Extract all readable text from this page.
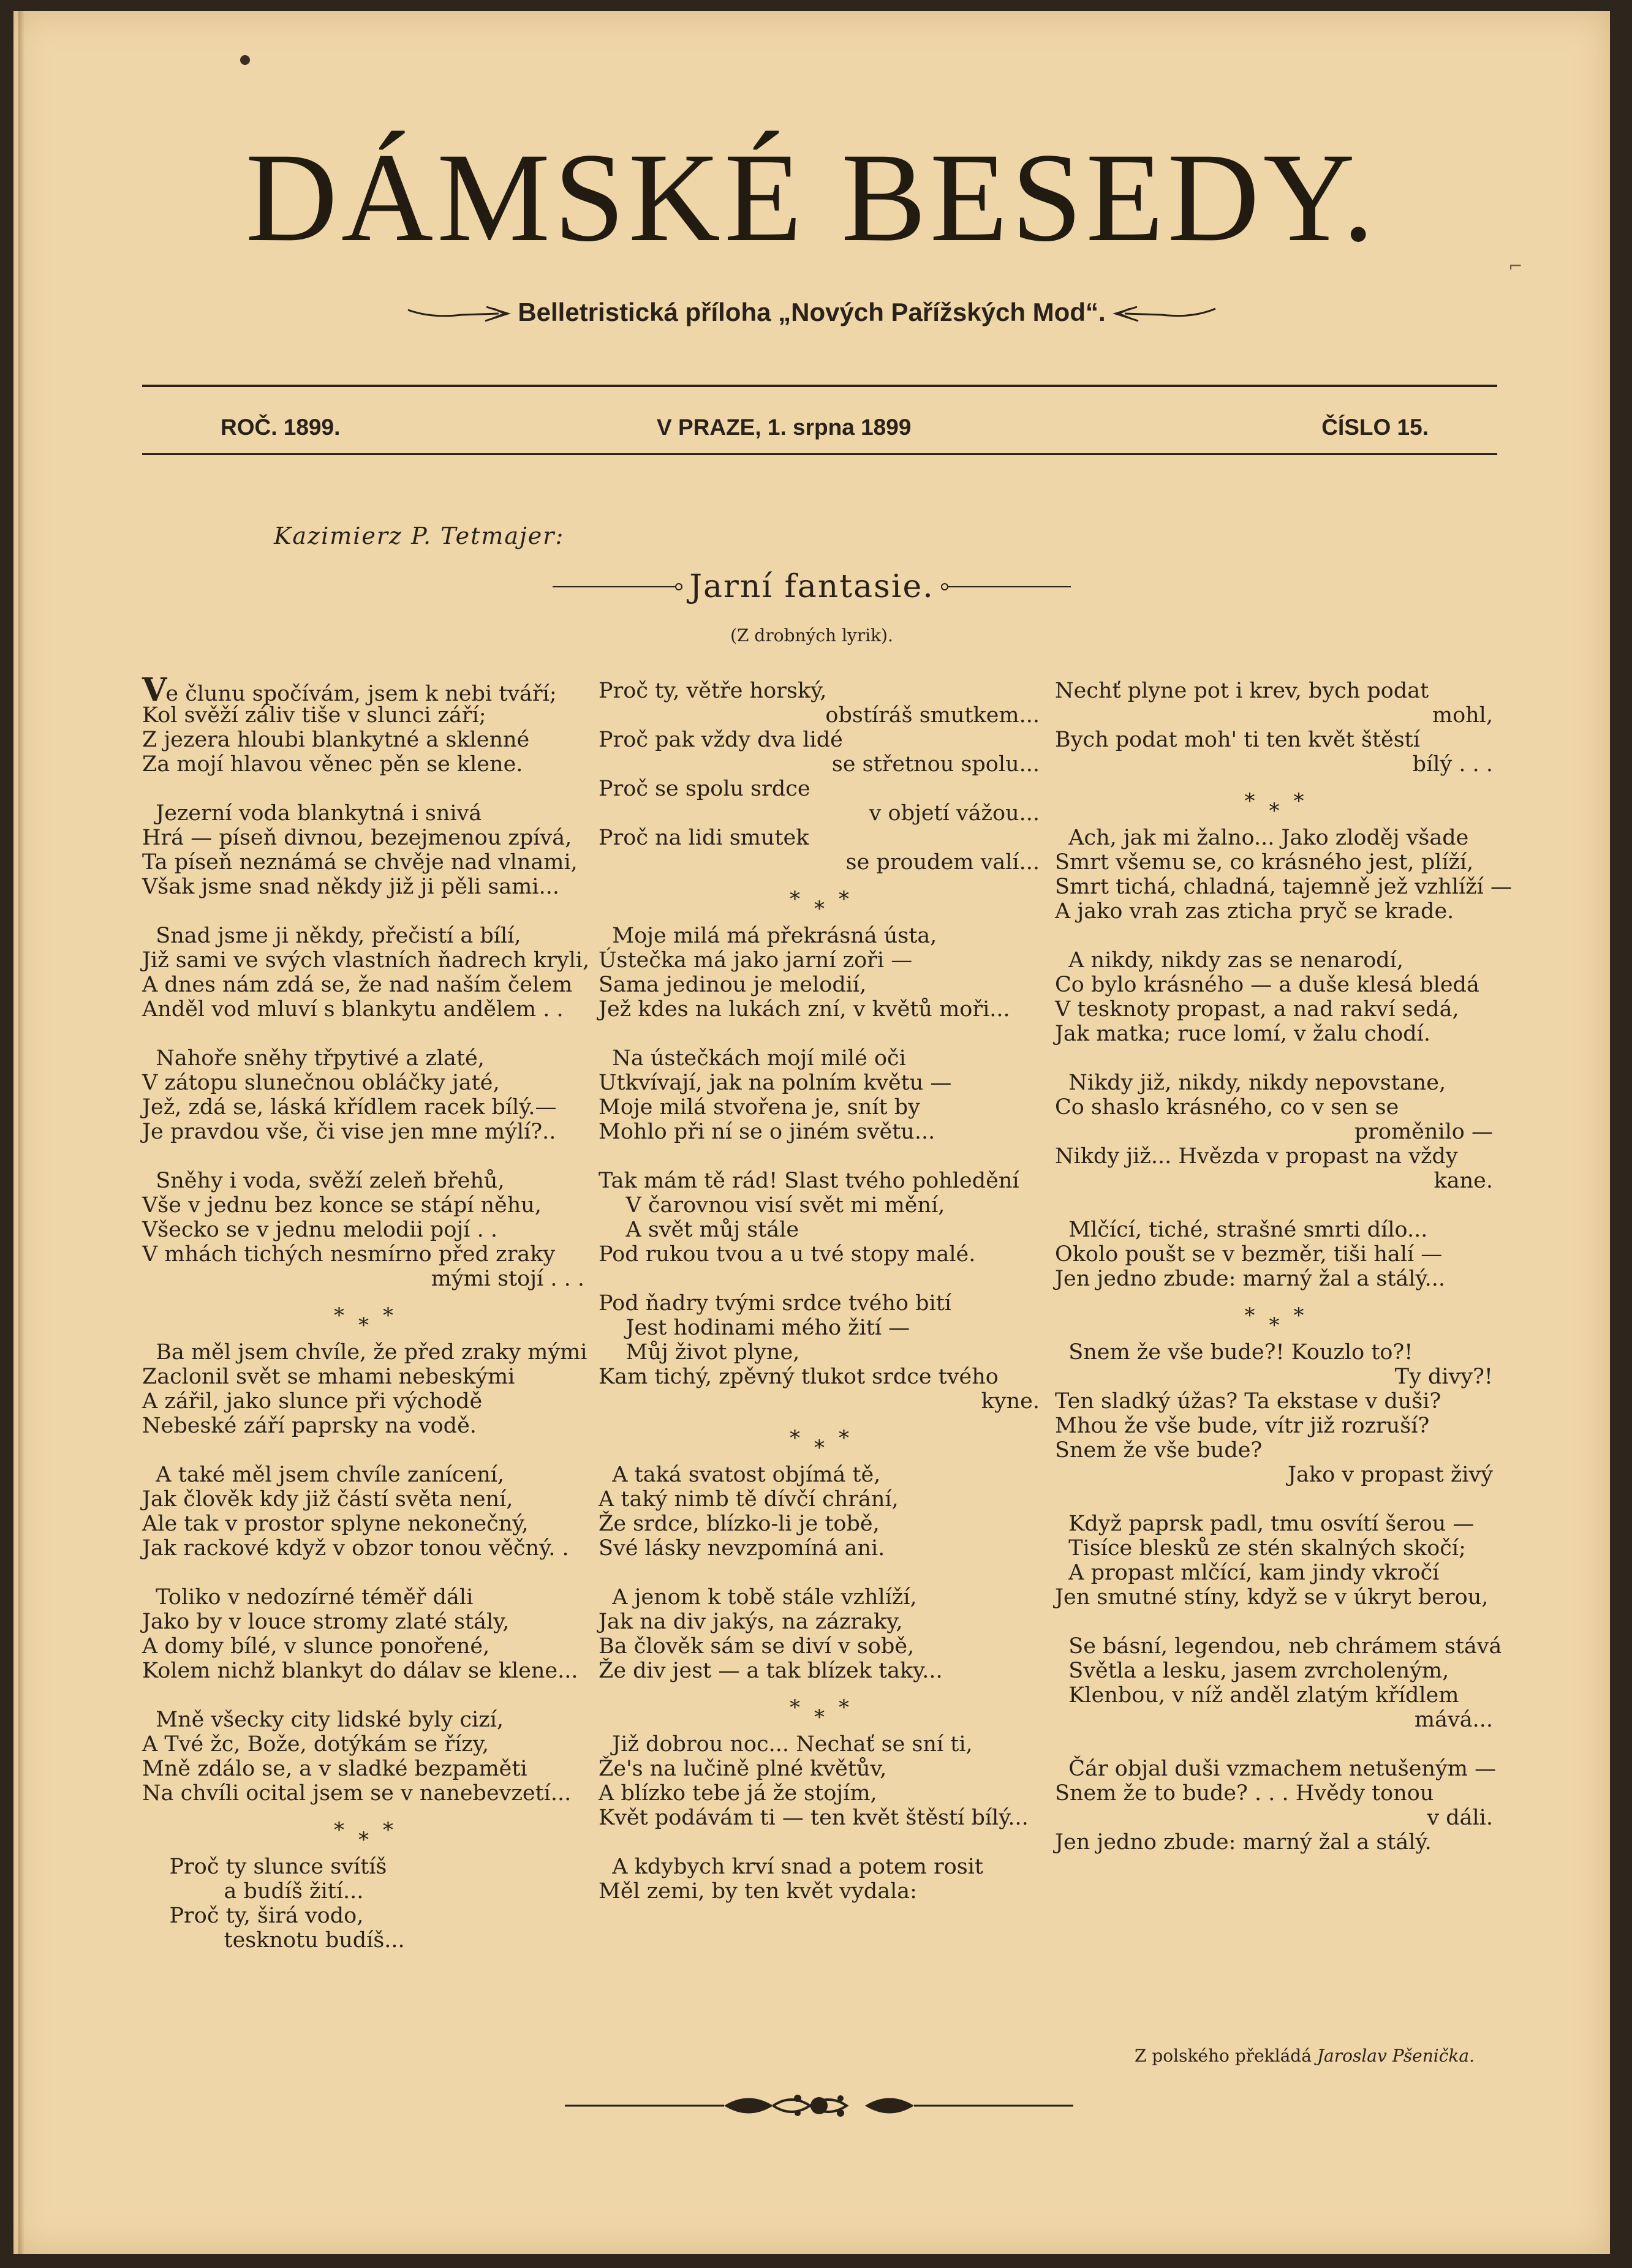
⌐
DÁMSKÉ BESEDY.
Belletristická příloha „Nových Pařížských Mod“.
ROČ. 1899.	V PRAZE, 1. srpna 1899	ČÍSLO 15.
Kazimierz P. Tetmajer:
Jarní fantasie.
(Z drobných lyrik).
Ve člunu spočívám, jsem k nebi tváří;
Kol svěží záliv tiše v slunci září;
Z jezera hloubi blankytné a sklenné
Za mojí hlavou věnec pěn se klene.
Jezerní voda blankytná i snivá
Hrá — píseň divnou, bezejmenou zpívá,
Ta píseň neznámá se chvěje nad vlnami,
Však jsme snad někdy již ji pěli sami...
Snad jsme ji někdy, přečistí a bílí,
Již sami ve svých vlastních ňadrech kryli,
A dnes nám zdá se, že nad naším čelem
Anděl vod mluví s blankytu andělem . .
Nahoře sněhy třpytivé a zlaté,
V zátopu slunečnou obláčky jaté,
Jež, zdá se, láská křídlem racek bílý.—
Je pravdou vše, či vise jen mne mýlí?..
Sněhy i voda, svěží zeleň břehů,
Vše v jednu bez konce se stápí něhu,
Všecko se v jednu melodii pojí . .
V mhách tichých nesmírno před zraky
mými stojí . . .
* * *
Ba měl jsem chvíle, že před zraky mými
Zaclonil svět se mhami nebeskými
A zářil, jako slunce při východě
Nebeské září paprsky na vodě.
A také měl jsem chvíle zanícení,
Jak člověk kdy již částí světa není,
Ale tak v prostor splyne nekonečný,
Jak rackové když v obzor tonou věčný. .
Toliko v nedozírné téměř dáli
Jako by v louce stromy zlaté stály,
A domy bílé, v slunce ponořené,
Kolem nichž blankyt do dálav se klene...
Mně všecky city lidské byly cizí,
A Tvé žc, Bože, dotýkám se řízy,
Mně zdálo se, a v sladké bezpaměti
Na chvíli ocital jsem se v nanebevzetí...
* * *
Proč ty slunce svítíš
a budíš žití...
Proč ty, širá vodo,
tesknotu budíš...
Proč ty, větře horský,
obstíráš smutkem...
Proč pak vždy dva lidé
se střetnou spolu...
Proč se spolu srdce
v objetí vážou...
Proč na lidi smutek
se proudem valí...
* * *
Moje milá má překrásná ústa,
Ústečka má jako jarní zoři —
Sama jedinou je melodií,
Jež kdes na lukách zní, v květů moři...
Na ústečkách mojí milé oči
Utkvívají, jak na polním květu —
Moje milá stvořena je, snít by
Mohlo při ní se o jiném světu...
Tak mám tě rád! Slast tvého pohledění
V čarovnou visí svět mi mění,
A svět můj stále
Pod rukou tvou a u tvé stopy malé.
Pod ňadry tvými srdce tvého bití
Jest hodinami mého žití —
Můj život plyne,
Kam tichý, zpěvný tlukot srdce tvého
kyne.
* * *
A taká svatost objímá tě,
A taký nimb tě dívčí chrání,
Že srdce, blízko-li je tobě,
Své lásky nevzpomíná ani.
A jenom k tobě stále vzhlíží,
Jak na div jakýs, na zázraky,
Ba člověk sám se diví v sobě,
Že div jest — a tak blízek taky...
* * *
Již dobrou noc... Nechať se sní ti,
Že's na lučině plné květův,
A blízko tebe já že stojím,
Květ podávám ti — ten květ štěstí bílý...
A kdybych krví snad a potem rosit
Měl zemi, by ten květ vydala:
Nechť plyne pot i krev, bych podat
mohl,
Bych podat moh' ti ten květ štěstí
bílý . . .
* * *
Ach, jak mi žalno... Jako zloděj všade
Smrt všemu se, co krásného jest, plíží,
Smrt tichá, chladná, tajemně jež vzhlíží —
A jako vrah zas zticha pryč se krade.
A nikdy, nikdy zas se nenarodí,
Co bylo krásného — a duše klesá bledá
V tesknoty propast, a nad rakví sedá,
Jak matka; ruce lomí, v žalu chodí.
Nikdy již, nikdy, nikdy nepovstane,
Co shaslo krásného, co v sen se
proměnilo —
Nikdy již... Hvězda v propast na vždy
kane.
Mlčící, tiché, strašné smrti dílo...
Okolo poušt se v bezměr, tiši halí —
Jen jedno zbude: marný žal a stálý...
* * *
Snem že vše bude?! Kouzlo to?!
Ty divy?!
Ten sladký úžas? Ta ekstase v duši?
Mhou že vše bude, vítr již rozruší?
Snem že vše bude?
Jako v propast živý
Když paprsk padl, tmu osvítí šerou —
Tisíce blesků ze stén skalných skočí;
A propast mlčící, kam jindy vkročí
Jen smutné stíny, když se v úkryt berou,
Se básní, legendou, neb chrámem stává
Světla a lesku, jasem zvrcholeným,
Klenbou, v níž anděl zlatým křídlem
mává...
Čár objal duši vzmachem netušeným —
Snem že to bude? . . . Hvědy tonou
v dáli.
Jen jedno zbude: marný žal a stálý.
Z polského překládá Jaroslav Pšenička.
